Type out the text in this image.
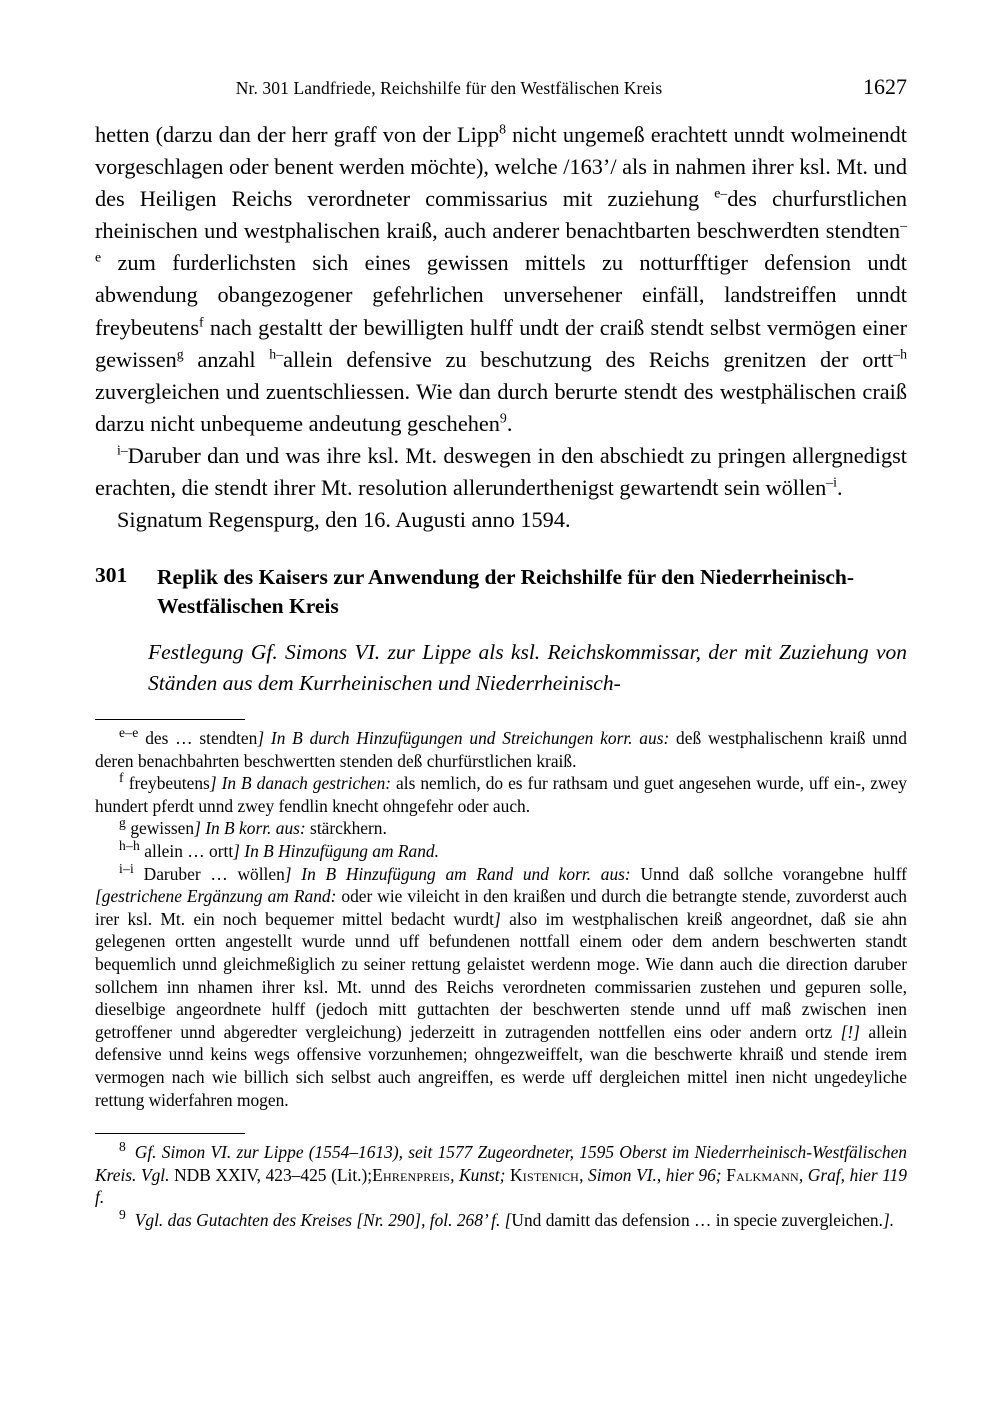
Nr. 301 Landfriede, Reichshilfe für den Westfälischen Kreis	1627

hetten (darzu dan der herr graff von der Lipp$^8$ nicht ungemeß erachtett unndt wolmeinendt vorgeschlagen oder benent werden möchte), welche /163’/ als in nahmen ihrer ksl. Mt. und des Heiligen Reichs verordneter commissarius mit zuziehung $^{e-}$des churfurstlichen rheinischen und westphalischen kraiß, auch anderer benachtbarten beschwerdten stendten$^{-e}$ zum furderlichsten sich eines gewissen mittels zu notturfftiger defension undt abwendung obangezogener gefehrlichen unversehener einfäll, landstreiffen unndt freybeutens$^f$ nach gestaltt der bewilligten hulff undt der craiß stendt selbst vermögen einer gewissen$^g$ anzahl $^{h-}$allein defensive zu beschutzung des Reichs grenitzen der ortt$^{-h}$ zuvergleichen und zuentschliessen. Wie dan durch berurte stendt des westphälischen craiß darzu nicht unbequeme andeutung geschehen$^9$.

$^{i-}$Daruber dan und was ihre ksl. Mt. deswegen in den abschiedt zu pringen allergnedigst erachten, die stendt ihrer Mt. resolution allerunderthenigst gewartendt sein wöllen$^{-i}$.

Signatum Regenspurg, den 16. Augusti anno 1594.

301 Replik des Kaisers zur Anwendung der Reichshilfe für den Niederrheinisch-Westfälischen Kreis

Festlegung Gf. Simons VI. zur Lippe als ksl. Reichskommissar, der mit Zuziehung von Ständen aus dem Kurrheinischen und Niederrheinisch-

$^{e-e}$ des … stendten] In B durch Hinzufügungen und Streichungen korr. aus: deß westphalischenn kraiß unnd deren benachbahrten beschwertten stenden deß churfürstlichen kraiß.

$^f$ freybeutens] In B danach gestrichen: als nemlich, do es fur rathsam und guet angesehen wurde, uff ein-, zwey hundert pferdt unnd zwey fendlin knecht ohngefehr oder auch.

$^g$ gewissen] In B korr. aus: stärckhern.

$^{h-h}$ allein … ortt] In B Hinzufügung am Rand.

$^{i-i}$ Daruber … wöllen] In B Hinzufügung am Rand und korr. aus: Unnd daß sollche vorangebne hulff [gestrichene Ergänzung am Rand: oder wie vileicht in den kraißen und durch die betrangte stende, zuvorderst auch irer ksl. Mt. ein noch bequemer mittel bedacht wurdt] also im westphalischen kreiß angeordnet, daß sie ahn gelegenen ortten angestellt wurde unnd uff befundenen nottfall einem oder dem andern beschwerten standt bequemlich unnd gleichmeßiglich zu seiner rettung gelaistet werdenn moge. Wie dann auch die direction daruber sollchem inn nhamen ihrer ksl. Mt. unnd des Reichs verordneten commissarien zustehen und gepuren solle, dieselbige angeordnete hulff (jedoch mitt guttachten der beschwerten stende unnd uff maß zwischen inen getroffener unnd abgeredter vergleichung) jederzeitt in zutragenden nottfellen eins oder andern ortz [!] allein defensive unnd keins wegs offensive vorzunhemen; ohngezweiffelt, wan die beschwerte khraiß und stende irem vermogen nach wie billich sich selbst auch angreiffen, es werde uff dergleichen mittel inen nicht ungedeyliche rettung widerfahren mogen.

$^8$ Gf. Simon VI. zur Lippe (1554–1613), seit 1577 Zugeordneter, 1595 Oberst im Niederrheinisch-Westfälischen Kreis. Vgl. NDB XXIV, 423–425 (Lit.);Ehrenpreis, Kunst; Kistenich, Simon VI., hier 96; Falkmann, Graf, hier 119 f.

$^9$ Vgl. das Gutachten des Kreises [Nr. 290], fol. 268’ f. [Und damitt das defension … in specie zuvergleichen.].
